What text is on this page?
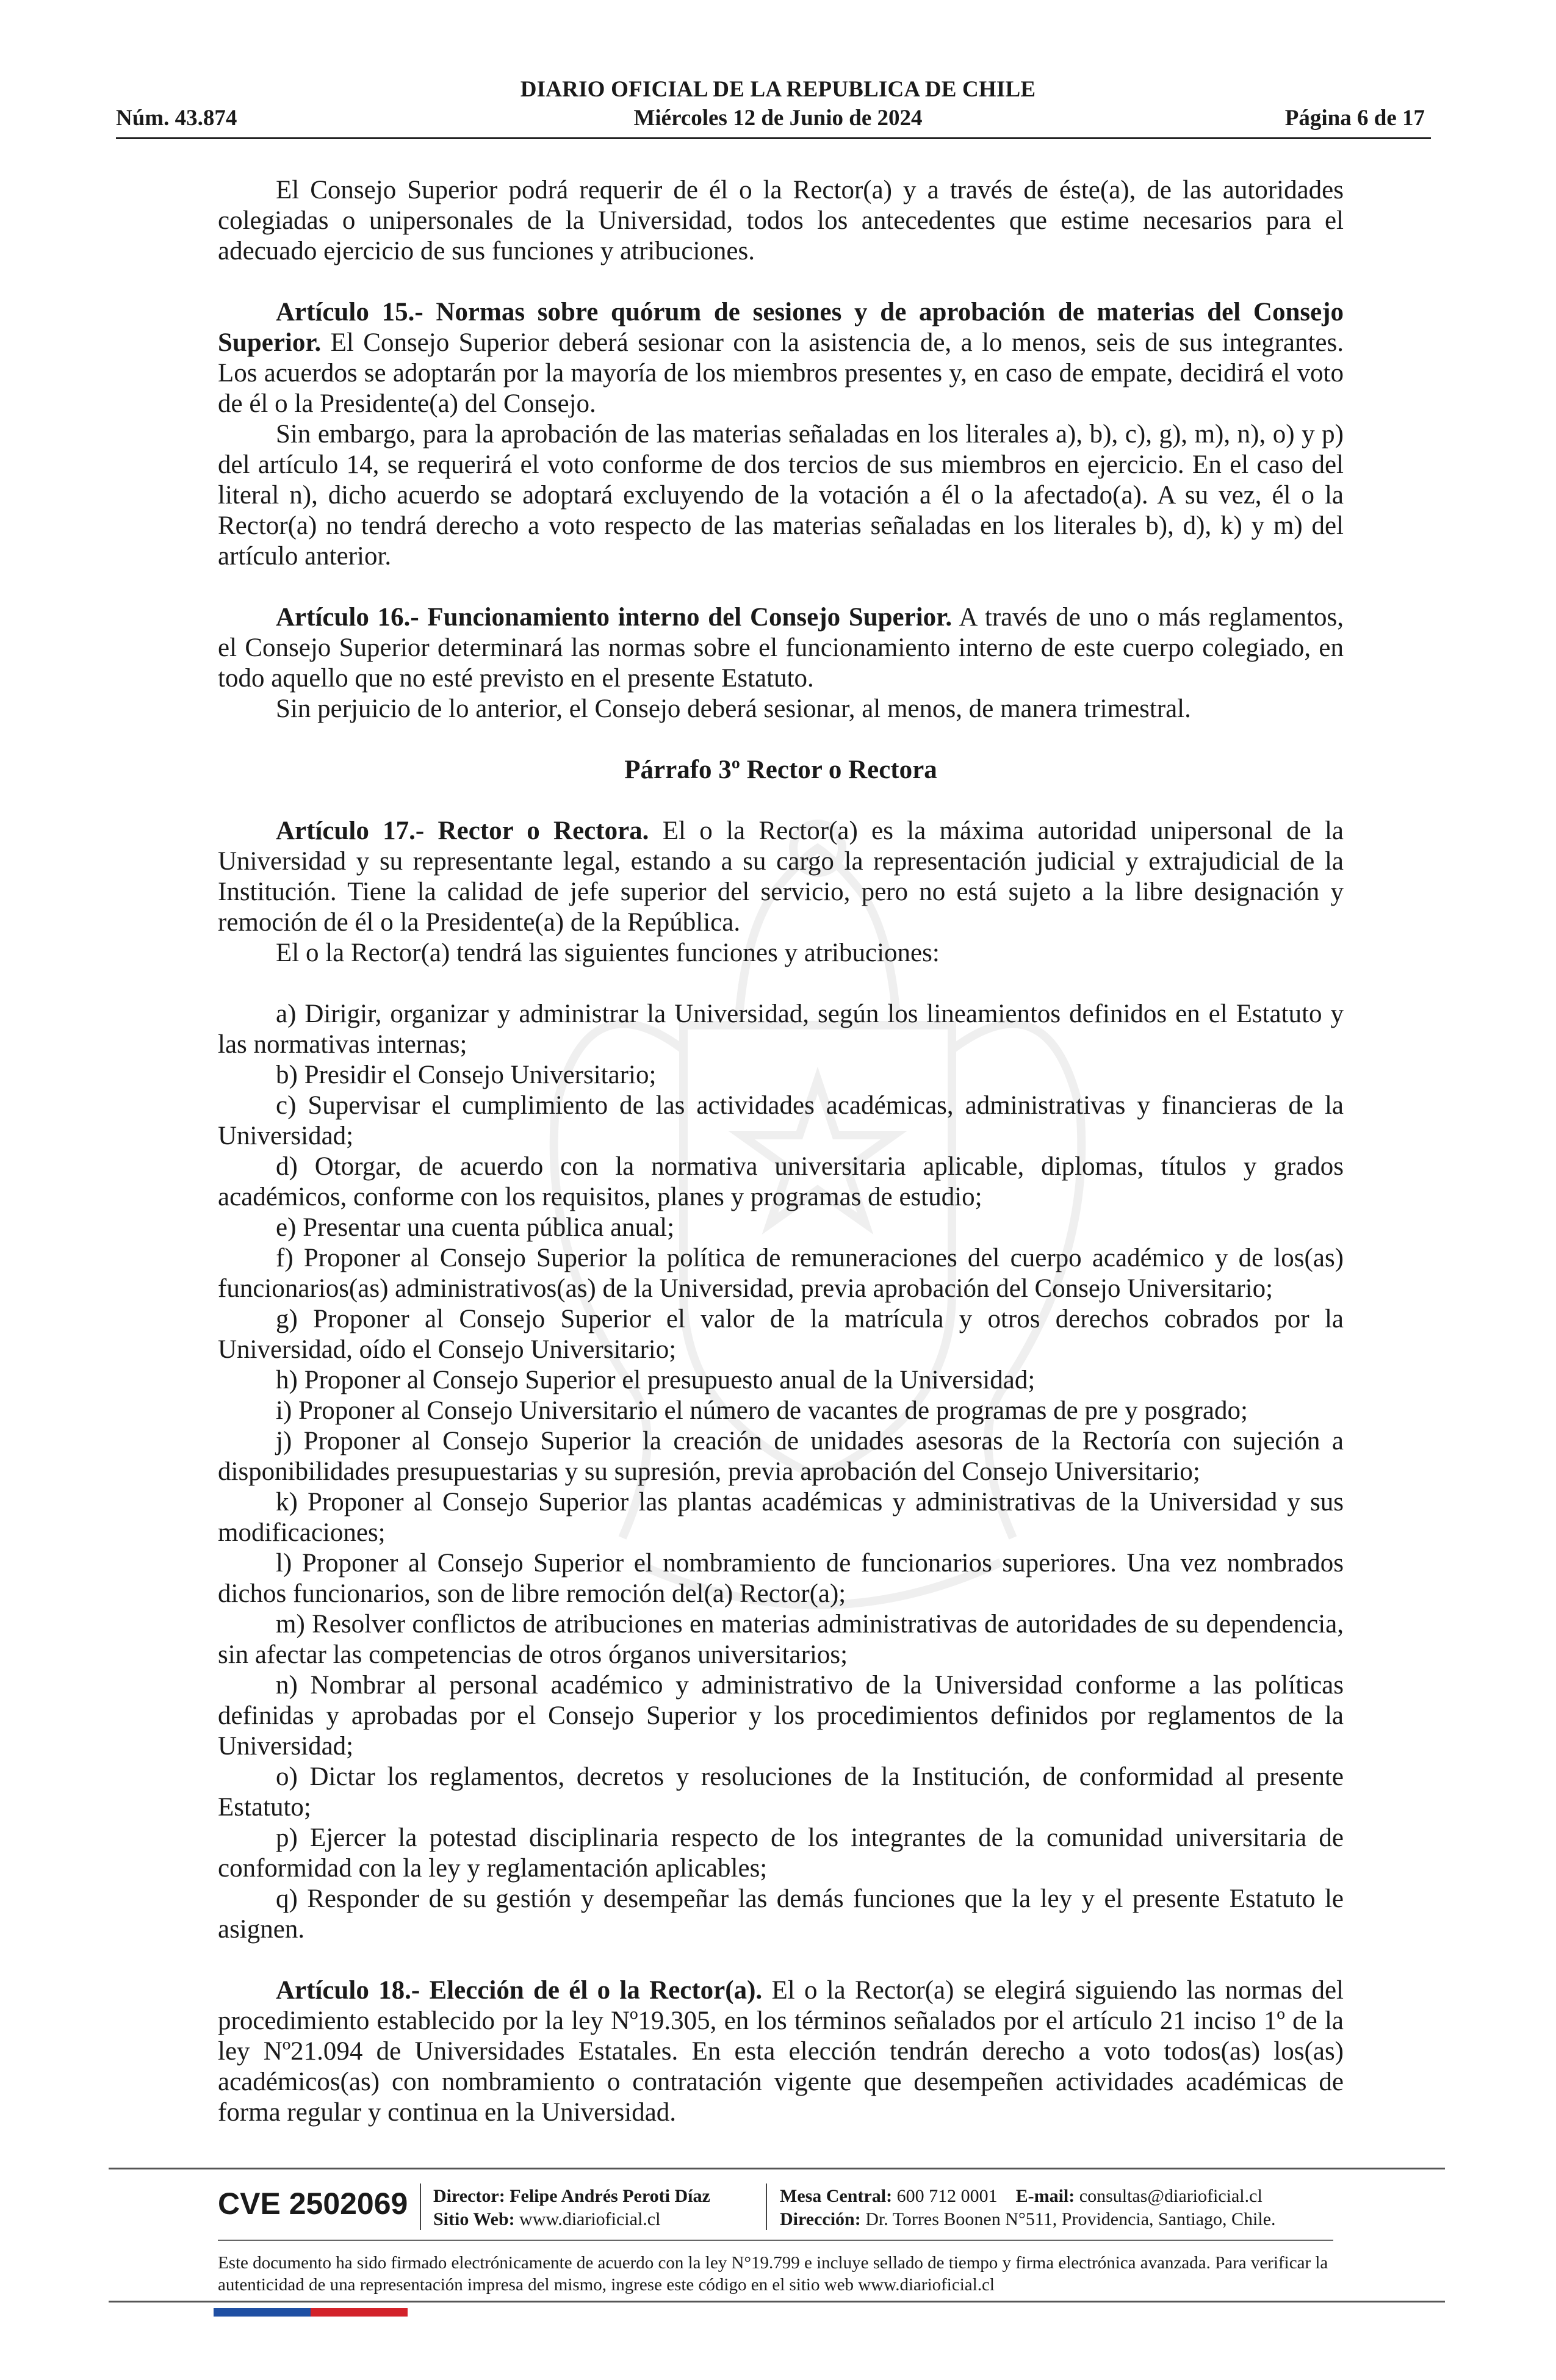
DIARIO OFICIAL DE LA REPUBLICA DE CHILE
Núm. 43.874	Miércoles 12 de Junio de 2024	Página 6 de 17

El Consejo Superior podrá requerir de él o la Rector(a) y a través de éste(a), de las autoridades colegiadas o unipersonales de la Universidad, todos los antecedentes que estime necesarios para el adecuado ejercicio de sus funciones y atribuciones.

Artículo 15.- Normas sobre quórum de sesiones y de aprobación de materias del Consejo Superior. El Consejo Superior deberá sesionar con la asistencia de, a lo menos, seis de sus integrantes. Los acuerdos se adoptarán por la mayoría de los miembros presentes y, en caso de empate, decidirá el voto de él o la Presidente(a) del Consejo.

Sin embargo, para la aprobación de las materias señaladas en los literales a), b), c), g), m), n), o) y p) del artículo 14, se requerirá el voto conforme de dos tercios de sus miembros en ejercicio. En el caso del literal n), dicho acuerdo se adoptará excluyendo de la votación a él o la afectado(a). A su vez, él o la Rector(a) no tendrá derecho a voto respecto de las materias señaladas en los literales b), d), k) y m) del artículo anterior.

Artículo 16.- Funcionamiento interno del Consejo Superior. A través de uno o más reglamentos, el Consejo Superior determinará las normas sobre el funcionamiento interno de este cuerpo colegiado, en todo aquello que no esté previsto en el presente Estatuto.

Sin perjuicio de lo anterior, el Consejo deberá sesionar, al menos, de manera trimestral.

Párrafo 3º Rector o Rectora

Artículo 17.- Rector o Rectora. El o la Rector(a) es la máxima autoridad unipersonal de la Universidad y su representante legal, estando a su cargo la representación judicial y extrajudicial de la Institución. Tiene la calidad de jefe superior del servicio, pero no está sujeto a la libre designación y remoción de él o la Presidente(a) de la República.

El o la Rector(a) tendrá las siguientes funciones y atribuciones:

a) Dirigir, organizar y administrar la Universidad, según los lineamientos definidos en el Estatuto y las normativas internas;

b) Presidir el Consejo Universitario;

c) Supervisar el cumplimiento de las actividades académicas, administrativas y financieras de la Universidad;

d) Otorgar, de acuerdo con la normativa universitaria aplicable, diplomas, títulos y grados académicos, conforme con los requisitos, planes y programas de estudio;

e) Presentar una cuenta pública anual;

f) Proponer al Consejo Superior la política de remuneraciones del cuerpo académico y de los(as) funcionarios(as) administrativos(as) de la Universidad, previa aprobación del Consejo Universitario;

g) Proponer al Consejo Superior el valor de la matrícula y otros derechos cobrados por la Universidad, oído el Consejo Universitario;

h) Proponer al Consejo Superior el presupuesto anual de la Universidad;

i) Proponer al Consejo Universitario el número de vacantes de programas de pre y posgrado;

j) Proponer al Consejo Superior la creación de unidades asesoras de la Rectoría con sujeción a disponibilidades presupuestarias y su supresión, previa aprobación del Consejo Universitario;

k) Proponer al Consejo Superior las plantas académicas y administrativas de la Universidad y sus modificaciones;

l) Proponer al Consejo Superior el nombramiento de funcionarios superiores. Una vez nombrados dichos funcionarios, son de libre remoción del(a) Rector(a);

m) Resolver conflictos de atribuciones en materias administrativas de autoridades de su dependencia, sin afectar las competencias de otros órganos universitarios;

n) Nombrar al personal académico y administrativo de la Universidad conforme a las políticas definidas y aprobadas por el Consejo Superior y los procedimientos definidos por reglamentos de la Universidad;

o) Dictar los reglamentos, decretos y resoluciones de la Institución, de conformidad al presente Estatuto;

p) Ejercer la potestad disciplinaria respecto de los integrantes de la comunidad universitaria de conformidad con la ley y reglamentación aplicables;

q) Responder de su gestión y desempeñar las demás funciones que la ley y el presente Estatuto le asignen.

Artículo 18.- Elección de él o la Rector(a). El o la Rector(a) se elegirá siguiendo las normas del procedimiento establecido por la ley Nº19.305, en los términos señalados por el artículo 21 inciso 1º de la ley Nº21.094 de Universidades Estatales. En esta elección tendrán derecho a voto todos(as) los(as) académicos(as) con nombramiento o contratación vigente que desempeñen actividades académicas de forma regular y continua en la Universidad.

CVE 2502069 Director: Felipe Andrés Peroti Díaz
Sitio Web: www.diarioficial.cl
Mesa Central: 600 712 0001 E-mail: consultas@diarioficial.cl
Dirección: Dr. Torres Boonen N°511, Providencia, Santiago, Chile.
Este documento ha sido firmado electrónicamente de acuerdo con la ley N°19.799 e incluye sellado de tiempo y firma electrónica avanzada. Para verificar la autenticidad de una representación impresa del mismo, ingrese este código en el sitio web www.diarioficial.cl
